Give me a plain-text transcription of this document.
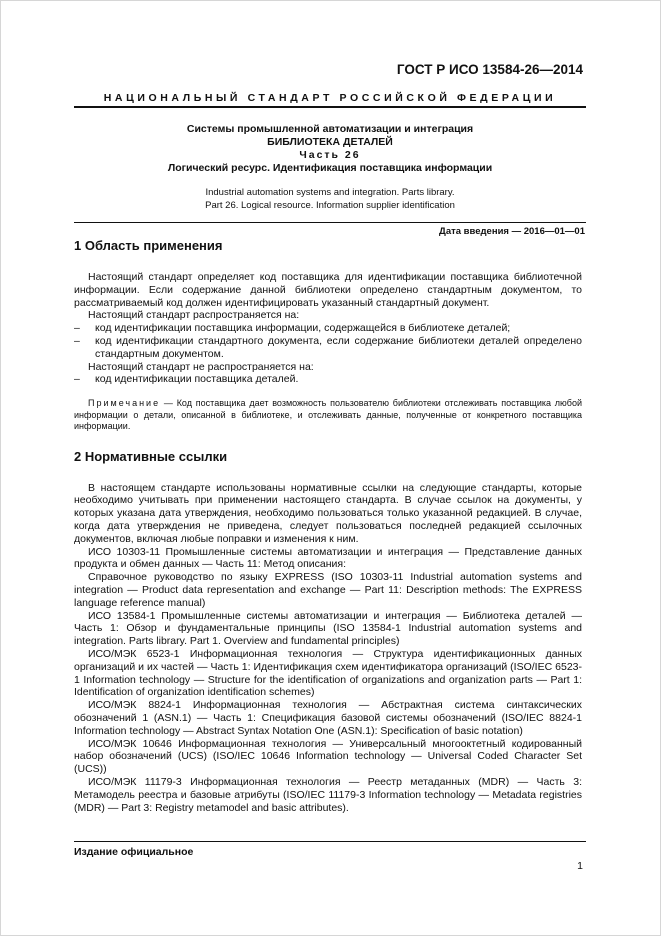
ГОСТ Р ИСО 13584-26—2014
НАЦИОНАЛЬНЫЙ СТАНДАРТ РОССИЙСКОЙ ФЕДЕРАЦИИ
Системы промышленной автоматизации и интеграция
БИБЛИОТЕКА ДЕТАЛЕЙ
Часть 26
Логический ресурс. Идентификация поставщика информации
Industrial automation systems and integration. Parts library.
Part 26. Logical resource. Information supplier identification
Дата введения — 2016—01—01
1 Область применения

Настоящий стандарт определяет код поставщика для идентификации поставщика библиотечной информации. Если содержание данной библиотеки определено стандартным документом, то рассматриваемый код должен идентифицировать указанный стандартный документ.

Настоящий стандарт распространяется на:

–	код идентификации поставщика информации, содержащейся в библиотеке деталей;
–	код идентификации стандартного документа, если содержание библиотеки деталей определено стандартным документом.

Настоящий стандарт не распространяется на:

–	код идентификации поставщика деталей.

Примечание — Код поставщика дает возможность пользователю библиотеки отслеживать поставщика любой информации о детали, описанной в библиотеке, и отслеживать данные, полученные от конкретного поставщика информации.

2 Нормативные ссылки

В настоящем стандарте использованы нормативные ссылки на следующие стандарты, которые необходимо учитывать при применении настоящего стандарта. В случае ссылок на документы, у которых указана дата утверждения, необходимо пользоваться только указанной редакцией. В случае, когда дата утверждения не приведена, следует пользоваться последней редакцией ссылочных документов, включая любые поправки и изменения к ним.

ИСО 10303-11 Промышленные системы автоматизации и интеграция — Представление данных продукта и обмен данных — Часть 11: Метод описания:

Справочное руководство по языку EXPRESS (ISO 10303-11 Industrial automation systems and integration — Product data representation and exchange — Part 11: Description methods: The EXPRESS language reference manual)

ИСО 13584-1 Промышленные системы автоматизации и интеграция — Библиотека деталей — Часть 1: Обзор и фундаментальные принципы (ISO 13584-1 Industrial automation systems and integration. Parts library. Part 1. Overview and fundamental principles)

ИСО/МЭК 6523-1 Информационная технология — Структура идентификационных данных организаций и их частей — Часть 1: Идентификация схем идентификатора организаций (ISO/IEC 6523-1 Information technology — Structure for the identification of organizations and organization parts — Part 1: Identification of organization identification schemes)

ИСО/МЭК 8824-1 Информационная технология — Абстрактная система синтаксических обозначений 1 (ASN.1) — Часть 1: Спецификация базовой системы обозначений (ISO/IEC 8824-1 Information technology — Abstract Syntax Notation One (ASN.1): Specification of basic notation)

ИСО/МЭК 10646 Информационная технология — Универсальный многооктетный кодированный набор обозначений (UCS) (ISO/IEC 10646 Information technology — Universal Coded Character Set (UCS))

ИСО/МЭК 11179-3 Информационная технология — Реестр метаданных (MDR) — Часть 3: Метамодель реестра и базовые атрибуты (ISO/IEC 11179-3 Information technology — Metadata registries (MDR) — Part 3: Registry metamodel and basic attributes).

Издание официальное
1
